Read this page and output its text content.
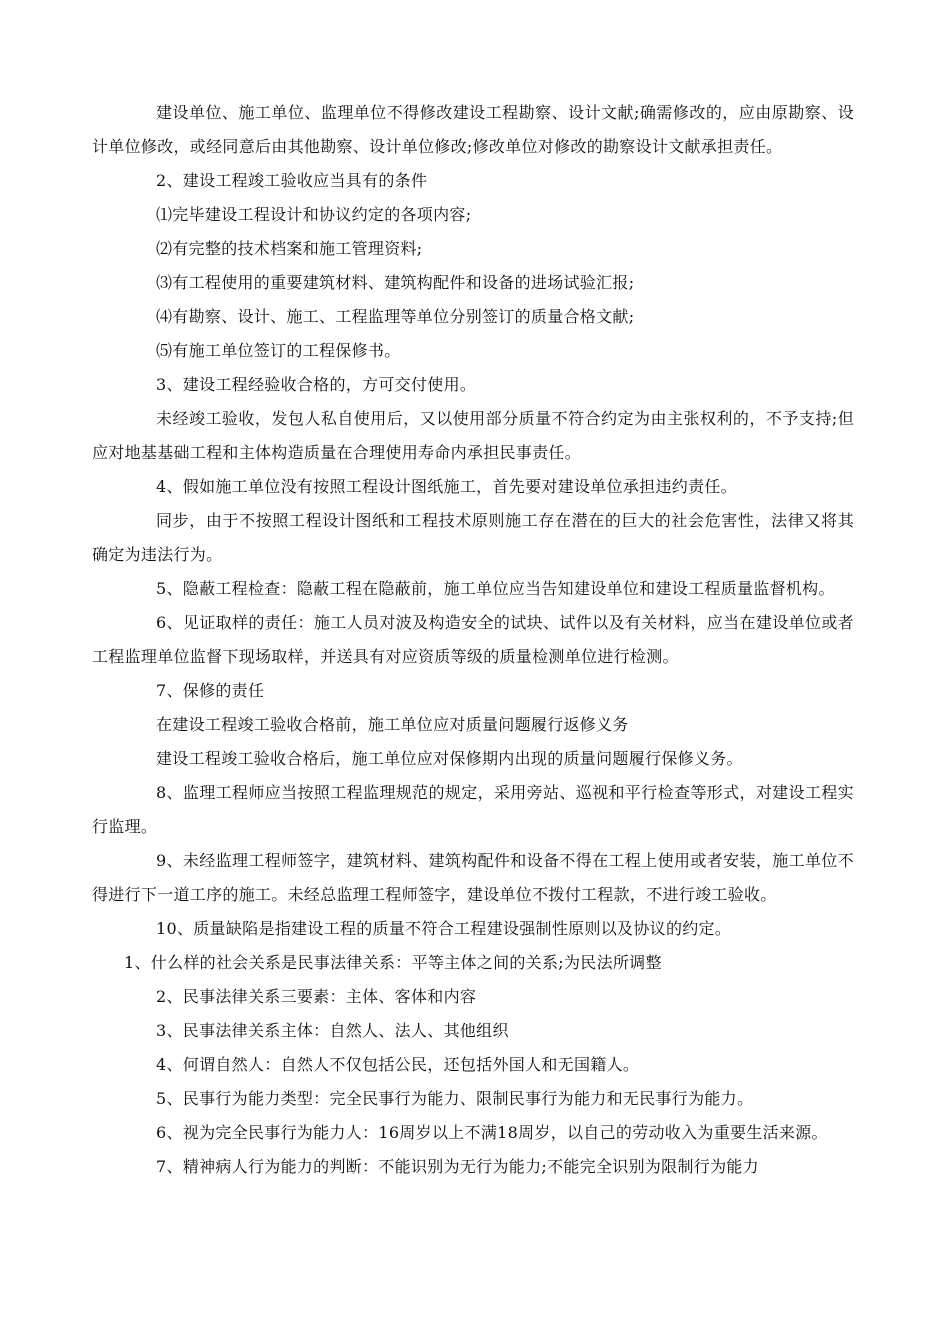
建设单位、施工单位、监理单位不得修改建设工程勘察、设计文献;确需修改的，应由原勘察、设计单位修改，或经同意后由其他勘察、设计单位修改;修改单位对修改的勘察设计文献承担责任。

2、建设工程竣工验收应当具有的条件

⑴完毕建设工程设计和协议约定的各项内容;

⑵有完整的技术档案和施工管理资料;

⑶有工程使用的重要建筑材料、建筑构配件和设备的进场试验汇报;

⑷有勘察、设计、施工、工程监理等单位分别签订的质量合格文献;

⑸有施工单位签订的工程保修书。

3、建设工程经验收合格的，方可交付使用。

未经竣工验收，发包人私自使用后，又以使用部分质量不符合约定为由主张权利的，不予支持;但应对地基基础工程和主体构造质量在合理使用寿命内承担民事责任。

4、假如施工单位没有按照工程设计图纸施工，首先要对建设单位承担违约责任。

同步，由于不按照工程设计图纸和工程技术原则施工存在潜在的巨大的社会危害性，法律又将其确定为违法行为。

5、隐蔽工程检查：隐蔽工程在隐蔽前，施工单位应当告知建设单位和建设工程质量监督机构。

6、见证取样的责任：施工人员对波及构造安全的试块、试件以及有关材料，应当在建设单位或者工程监理单位监督下现场取样，并送具有对应资质等级的质量检测单位进行检测。

7、保修的责任

在建设工程竣工验收合格前，施工单位应对质量问题履行返修义务

建设工程竣工验收合格后，施工单位应对保修期内出现的质量问题履行保修义务。

8、监理工程师应当按照工程监理规范的规定，采用旁站、巡视和平行检查等形式，对建设工程实行监理。

9、未经监理工程师签字，建筑材料、建筑构配件和设备不得在工程上使用或者安装，施工单位不得进行下一道工序的施工。未经总监理工程师签字，建设单位不拨付工程款，不进行竣工验收。

10、质量缺陷是指建设工程的质量不符合工程建设强制性原则以及协议的约定。

1、什么样的社会关系是民事法律关系：平等主体之间的关系;为民法所调整

2、民事法律关系三要素：主体、客体和内容

3、民事法律关系主体：自然人、法人、其他组织

4、何谓自然人：自然人不仅包括公民，还包括外国人和无国籍人。

5、民事行为能力类型：完全民事行为能力、限制民事行为能力和无民事行为能力。

6、视为完全民事行为能力人：16周岁以上不满18周岁，以自己的劳动收入为重要生活来源。

7、精神病人行为能力的判断：不能识别为无行为能力;不能完全识别为限制行为能力
